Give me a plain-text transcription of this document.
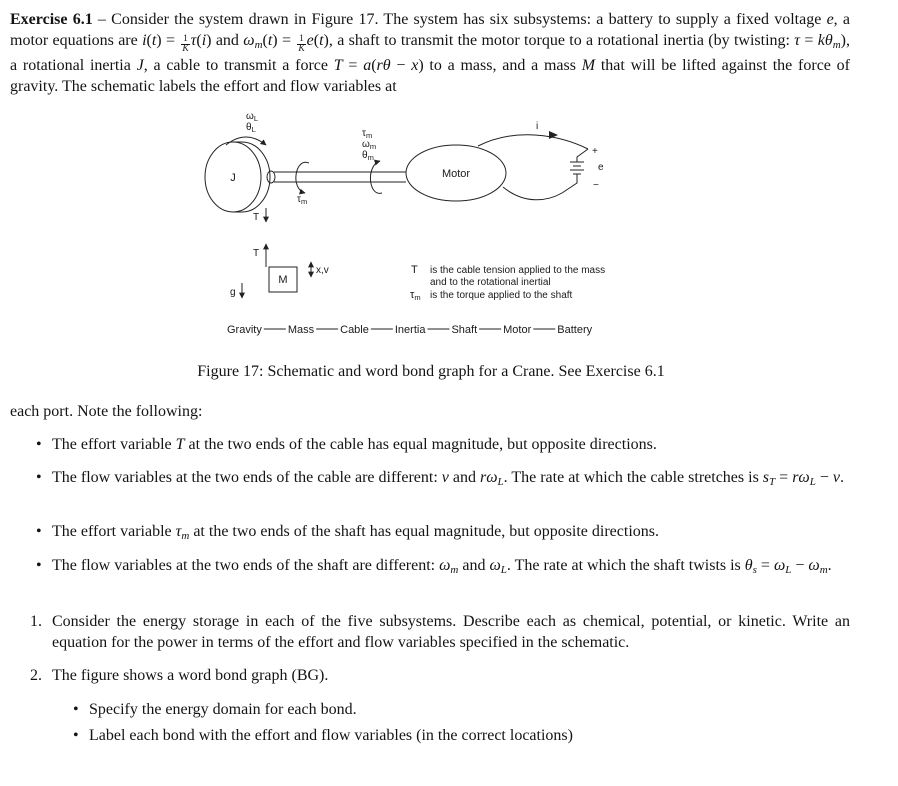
Exercise 6.1 – Consider the system drawn in Figure 17. The system has six subsystems: a battery to supply a fixed voltage e, a motor equations are $i(t) = \frac{1}{K} \tau(i)$ and $\omega m(t) = \frac{1}{K} e(t)$, a shaft to transmit the motor torque to a rotational inertia (by twisting: τ = kθm), a rotational inertia J, a cable to transmit a force T = a(rθ − x) to a mass, and a mass M that will be lifted against the force of gravity. The schematic labels the effort and flow variables at
J
$\omega_L$
$\theta_L$
$\tau_m$
$\tau_m$
$\omega_m$
$\theta_m$
Motor
i
+
e
−
T
T
M
x,v
g
T is the cable tension applied to the mass
and to the rotational inertial
τm is the torque applied to the shaft
Gravity Mass Cable Inertia Shaft Motor Battery
Figure 17: Schematic and word bond graph for a Crane. See Exercise 6.1
each port. Note the following:
• The effort variable T at the two ends of the cable has equal magnitude, but opposite directions.
• The flow variables at the two ends of the cable are different: v and rωL. The rate at which the cable stretches is sT = rωL − v.
• The effort variable τm at the two ends of the shaft has equal magnitude, but opposite directions.
• The flow variables at the two ends of the shaft are different: ωm and ωL. The rate at which the shaft twists is θs = ωL − ωm.
1. Consider the energy storage in each of the five subsystems. Describe each as chemical, potential, or kinetic. Write an equation for the power in terms of the effort and flow variables specified in the schematic.
2. The figure shows a word bond graph (BG).
• Specify the energy domain for each bond.
• Label each bond with the effort and flow variables (in the correct locations)
